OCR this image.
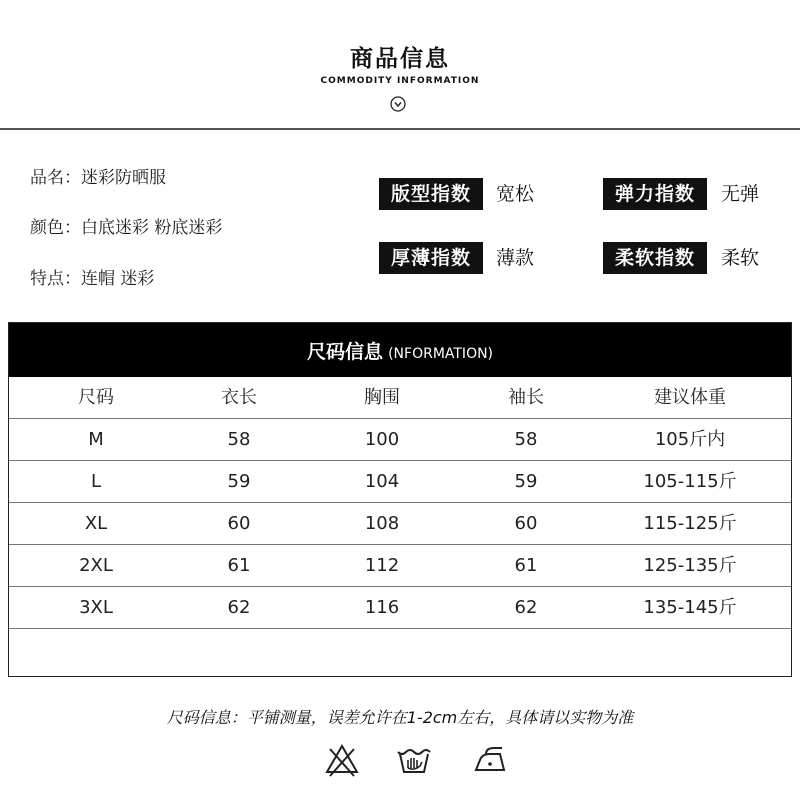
商品信息
COMMODITY INFORMATION
品名：迷彩防晒服
颜色：白底迷彩 粉底迷彩
特点：连帽 迷彩
版型指数	宽松	弹力指数	无弹
厚薄指数	薄款	柔软指数	柔软
尺码信息 (NFORMATION)
尺码	衣长	胸围	袖长	建议体重
M	58	100	58	105斤内
L	59	104	59	105-115斤
XL	60	108	60	115-125斤
2XL	61	112	61	125-135斤
3XL	62	116	62	135-145斤
尺码信息：平铺测量，误差允许在1-2cm左右，具体请以实物为准
